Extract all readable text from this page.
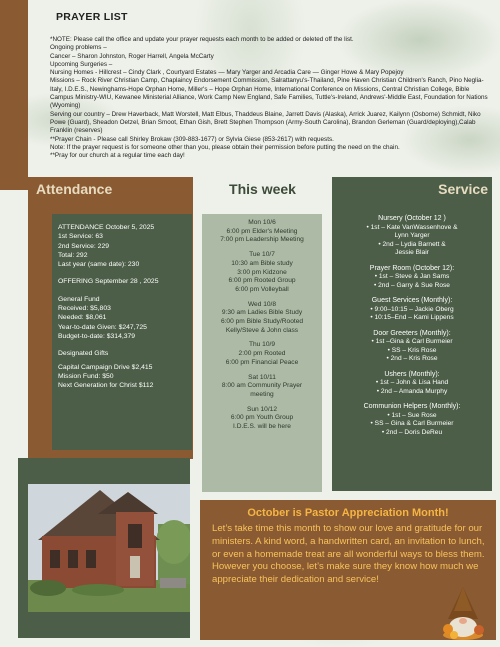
PRAYER LIST

*NOTE: Please call the office and update your prayer requests each month to be added or deleted off the list.

Ongoing problems –

Cancer – Sharon Johnston, Roger Harrell, Angela McCarty

Upcoming Surgeries –

Nursing Homes - Hillcrest – Cindy Clark , Courtyard Estates — Mary Yarger and Arcadia Care — Ginger Howe & Mary Popejoy

Missions – Rock River Christian Camp, Chaplaincy Endorsement Commission, Salrattanyu's-Thailand, Pine Haven Christian Children's Ranch, Pino Neglia-Italy, I.D.E.S., Newinghams-Hope Orphan Home, Miller's – Hope Orphan Home, International Conference on Missions, Central Christian College, Bible Campus Ministry-WIU, Kewanee Ministerial Alliance, Work Camp New England, Safe Families, Tuttle's-Ireland, Andrews'-Middle East, Foundation for Nations (Wyoming)

Serving our country – Drew Haverback, Matt Worstell, Matt Elbus, Thaddeus Blaine, Jarrett Davis (Alaska), Arrick Juarez, Kailynn (Osborne) Schmidt, Niko Powe (Guard), Sheadon Oetzel, Brian Smoot, Ethan Gish, Brett Stephen Thompson (Army-South Carolina), Brandon Gerleman (Guard/deploying),Calab Franklin (reserves)

**Prayer Chain - Please call Shirley Brokaw (309-883-1677) or Sylvia Giese (853-2617) with requests.

Note: If the prayer request is for someone other than you, please obtain their permission before putting the need on the chain.

**Pray for our church at a regular time each day!

Attendance	This week	Service
ATTENDANCE October 5, 2025
1st Service: 63
2nd Service: 229
Total: 292
Last year (same date): 230
OFFERING September 28 , 2025
General Fund
Received: $5,803
Needed: $8,061
Year-to-date Given: $247,725
Budget-to-date: $314,379
Designated Gifts
Capital Campaign Drive $2,415
Mission Fund: $50
Next Generation for Christ $112
Mon 10/6
6:00 pm Elder's Meeting
7:00 pm Leadership Meeting
Tue 10/7
10:30 am Bible study
3:00 pm Kidzone
6:00 pm Rooted Group
6:00 pm Volleyball
Wed 10/8
9:30 am Ladies Bible Study
6:00 pm Bible Study/Rooted
Kelly/Steve & John class
Thu 10/9
2:00 pm Rooted
6:00 pm Financial Peace
Sat 10/11
8:00 am Community Prayer
meeting
Sun 10/12
6:00 pm Youth Group
I.D.E.S. will be here
Nursery (October 12 )
• 1st – Kate VanWassenhove &
Lynn Yarger
• 2nd – Lydia Barnett &
Jessie Blair
Prayer Room (October 12):
• 1st – Steve & Jan Sams
• 2nd – Garry & Sue Rose
Guest Services (Monthly):
• 9:00–10:15 – Jackie Oberg
• 10:15–End – Kami Lippens
Door Greeters (Monthly):
• 1st –Gina & Carl Burmeier
• SS – Kris Rose
• 2nd – Kris Rose
Ushers (Monthly):
• 1st – John & Lisa Hand
• 2nd – Amanda Murphy
Communion Helpers (Monthly):
• 1st – Sue Rose
• SS – Gina & Carl Burmeier
• 2nd – Doris DeReu
October is Pastor Appreciation Month!
Let’s take time this month to show our love and gratitude for our ministers. A kind word, a handwritten card, an invitation to lunch, or even a homemade treat are all wonderful ways to bless them. However you choose, let’s make sure they know how much we appreciate their dedication and service!
